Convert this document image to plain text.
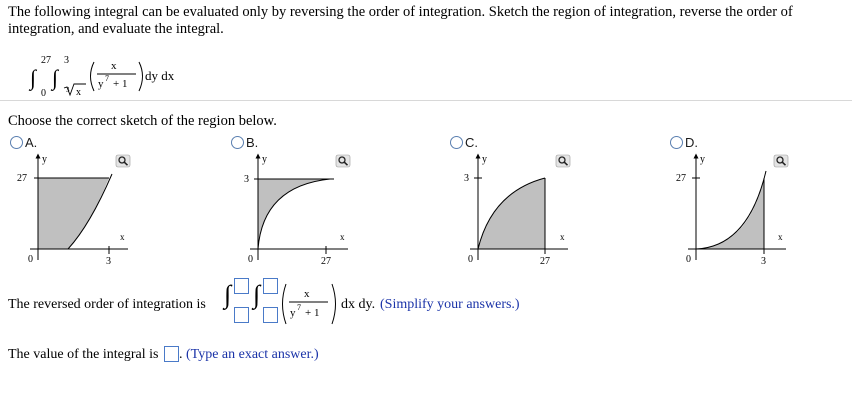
The following integral can be evaluated only by reversing the order of integration. Sketch the region of integration, reverse the order of integration, and evaluate the integral.
∫
27
0
∫
3
3 x
x
y 7 + 1
dy dx
Choose the correct sketch of the region below.
A.	B.	C.	D.
y
x
27
3
0
y
x
3
27
0
y
x
3
27
0
y
x
27
3
0
The reversed order of integration is ∫ ∫	x
y 7 + 1
dx dy. (Simplify your answers.)
The value of the integral is . (Type an exact answer.)
